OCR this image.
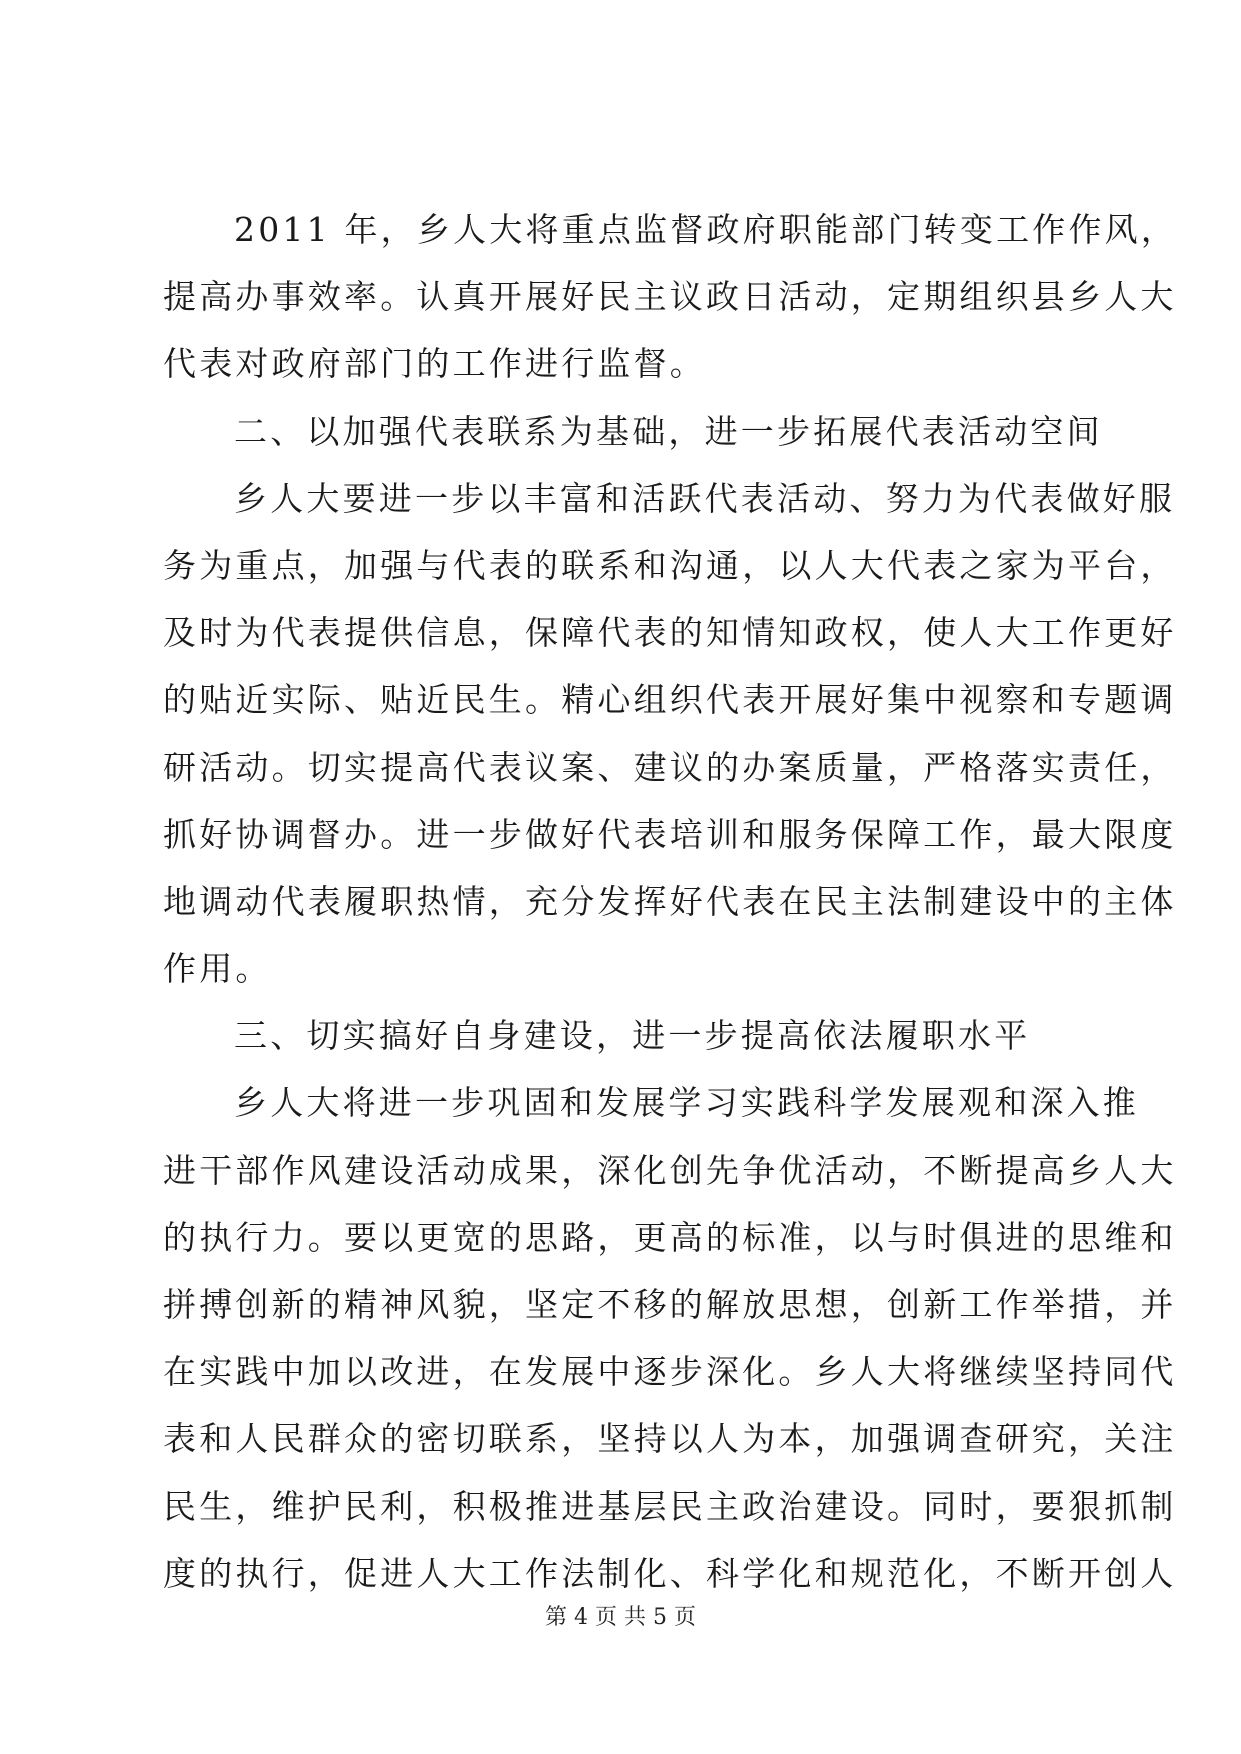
2011 年，乡人大将重点监督政府职能部门转变工作作风，
提高办事效率。认真开展好民主议政日活动，定期组织县乡人大
代表对政府部门的工作进行监督。
二、以加强代表联系为基础，进一步拓展代表活动空间
乡人大要进一步以丰富和活跃代表活动、努力为代表做好服
务为重点，加强与代表的联系和沟通，以人大代表之家为平台，
及时为代表提供信息，保障代表的知情知政权，使人大工作更好
的贴近实际、贴近民生。精心组织代表开展好集中视察和专题调
研活动。切实提高代表议案、建议的办案质量，严格落实责任，
抓好协调督办。进一步做好代表培训和服务保障工作，最大限度
地调动代表履职热情，充分发挥好代表在民主法制建设中的主体
作用。
三、切实搞好自身建设，进一步提高依法履职水平
乡人大将进一步巩固和发展学习实践科学发展观和深入推
进干部作风建设活动成果，深化创先争优活动，不断提高乡人大
的执行力。要以更宽的思路，更高的标准，以与时俱进的思维和
拼搏创新的精神风貌，坚定不移的解放思想，创新工作举措，并
在实践中加以改进，在发展中逐步深化。乡人大将继续坚持同代
表和人民群众的密切联系，坚持以人为本，加强调查研究，关注
民生，维护民利，积极推进基层民主政治建设。同时，要狠抓制
度的执行，促进人大工作法制化、科学化和规范化，不断开创人
第 4 页 共 5 页
